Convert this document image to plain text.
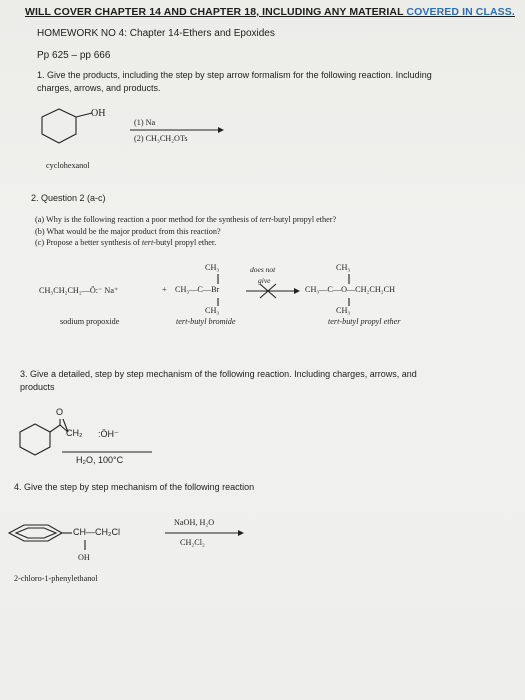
WILL COVER CHAPTER 14 AND CHAPTER 18, INCLUDING ANY MATERIAL COVERED IN CLASS.
HOMEWORK NO 4: Chapter 14-Ethers and Epoxides
Pp 625 – pp 666
1. Give the products, including the step by step arrow formalism for the following reaction. Including
charges, arrows, and products.
OH
(1) Na
(2) CH₃CH₂OTs
cyclohexanol
2. Question 2 (a-c)
(a) Why is the following reaction a poor method for the synthesis of tert-butyl propyl ether?
(b) What would be the major product from this reaction?
(c) Propose a better synthesis of tert-butyl propyl ether.
CH₃CH₂CH₂—Ö:⁻ Na⁺	+
CH₃
CH₃—C—Br
CH₃
does not
give
CH₃
CH₃—C—O—CH₂CH₂CH
CH₃
sodium propoxide	tert-butyl bromide	tert-butyl propyl ether
3. Give a detailed, step by step mechanism of the following reaction. Including charges, arrows, and
products
O
CH₂ :ÖH⁻
H₂O, 100°C
4. Give the step by step mechanism of the following reaction
CH—CH₂Cl
OH
NaOH, H₂O
CH₂Cl₂
2-chloro-1-phenylethanol
